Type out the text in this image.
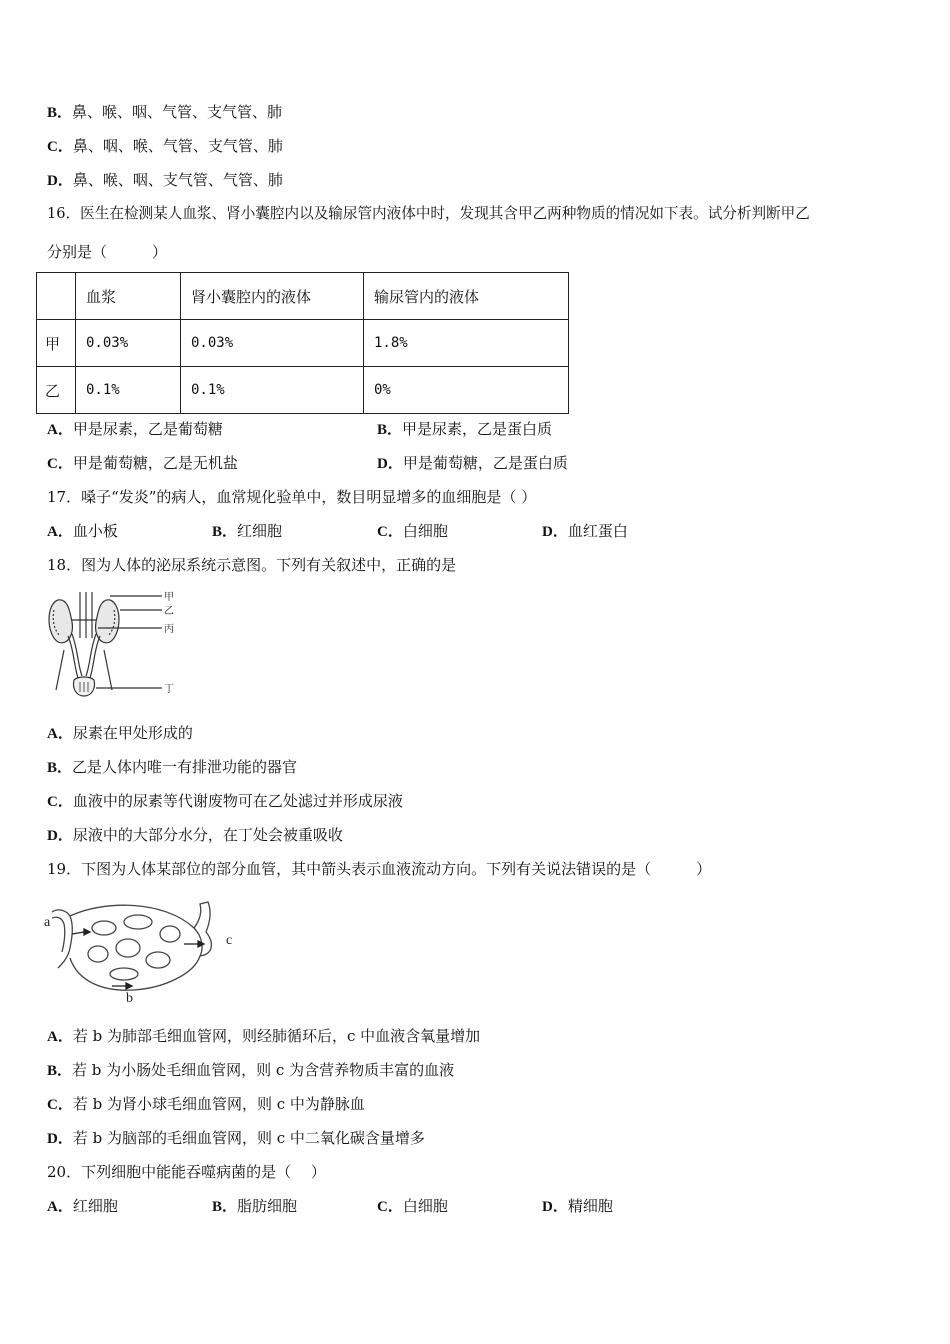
B．鼻、喉、咽、气管、支气管、肺
C．鼻、咽、喉、气管、支气管、肺
D．鼻、喉、咽、支气管、气管、肺
16．医生在检测某人血浆、肾小囊腔内以及输尿管内液体中时，发现其含甲乙两种物质的情况如下表。试分析判断甲乙
分别是（　　　）
	血浆	肾小囊腔内的液体	输尿管内的液体
甲	0.03%	0.03%	1.8%
乙	0.1%	0.1%	0%
A．甲是尿素，乙是葡萄糖	B．甲是尿素，乙是蛋白质
C．甲是葡萄糖，乙是无机盐	D．甲是葡萄糖，乙是蛋白质
17．嗓子“发炎”的病人，血常规化验单中，数目明显增多的血细胞是（ ）
A．血小板	B．红细胞	C．白细胞	D．血红蛋白
18．图为人体的泌尿系统示意图。下列有关叙述中，正确的是
甲
乙
丙
丁
A．尿素在甲处形成的
B．乙是人体内唯一有排泄功能的器官
C．血液中的尿素等代谢废物可在乙处滤过并形成尿液
D．尿液中的大部分水分，在丁处会被重吸收
19．下图为人体某部位的部分血管，其中箭头表示血液流动方向。下列有关说法错误的是（　　　）
a
b
c
A．若 b 为肺部毛细血管网，则经肺循环后，c 中血液含氧量增加
B．若 b 为小肠处毛细血管网，则 c 为含营养物质丰富的血液
C．若 b 为肾小球毛细血管网，则 c 中为静脉血
D．若 b 为脑部的毛细血管网，则 c 中二氧化碳含量增多
20．下列细胞中能能吞噬病菌的是（　 ）
A．红细胞	B．脂肪细胞	C．白细胞	D．精细胞
